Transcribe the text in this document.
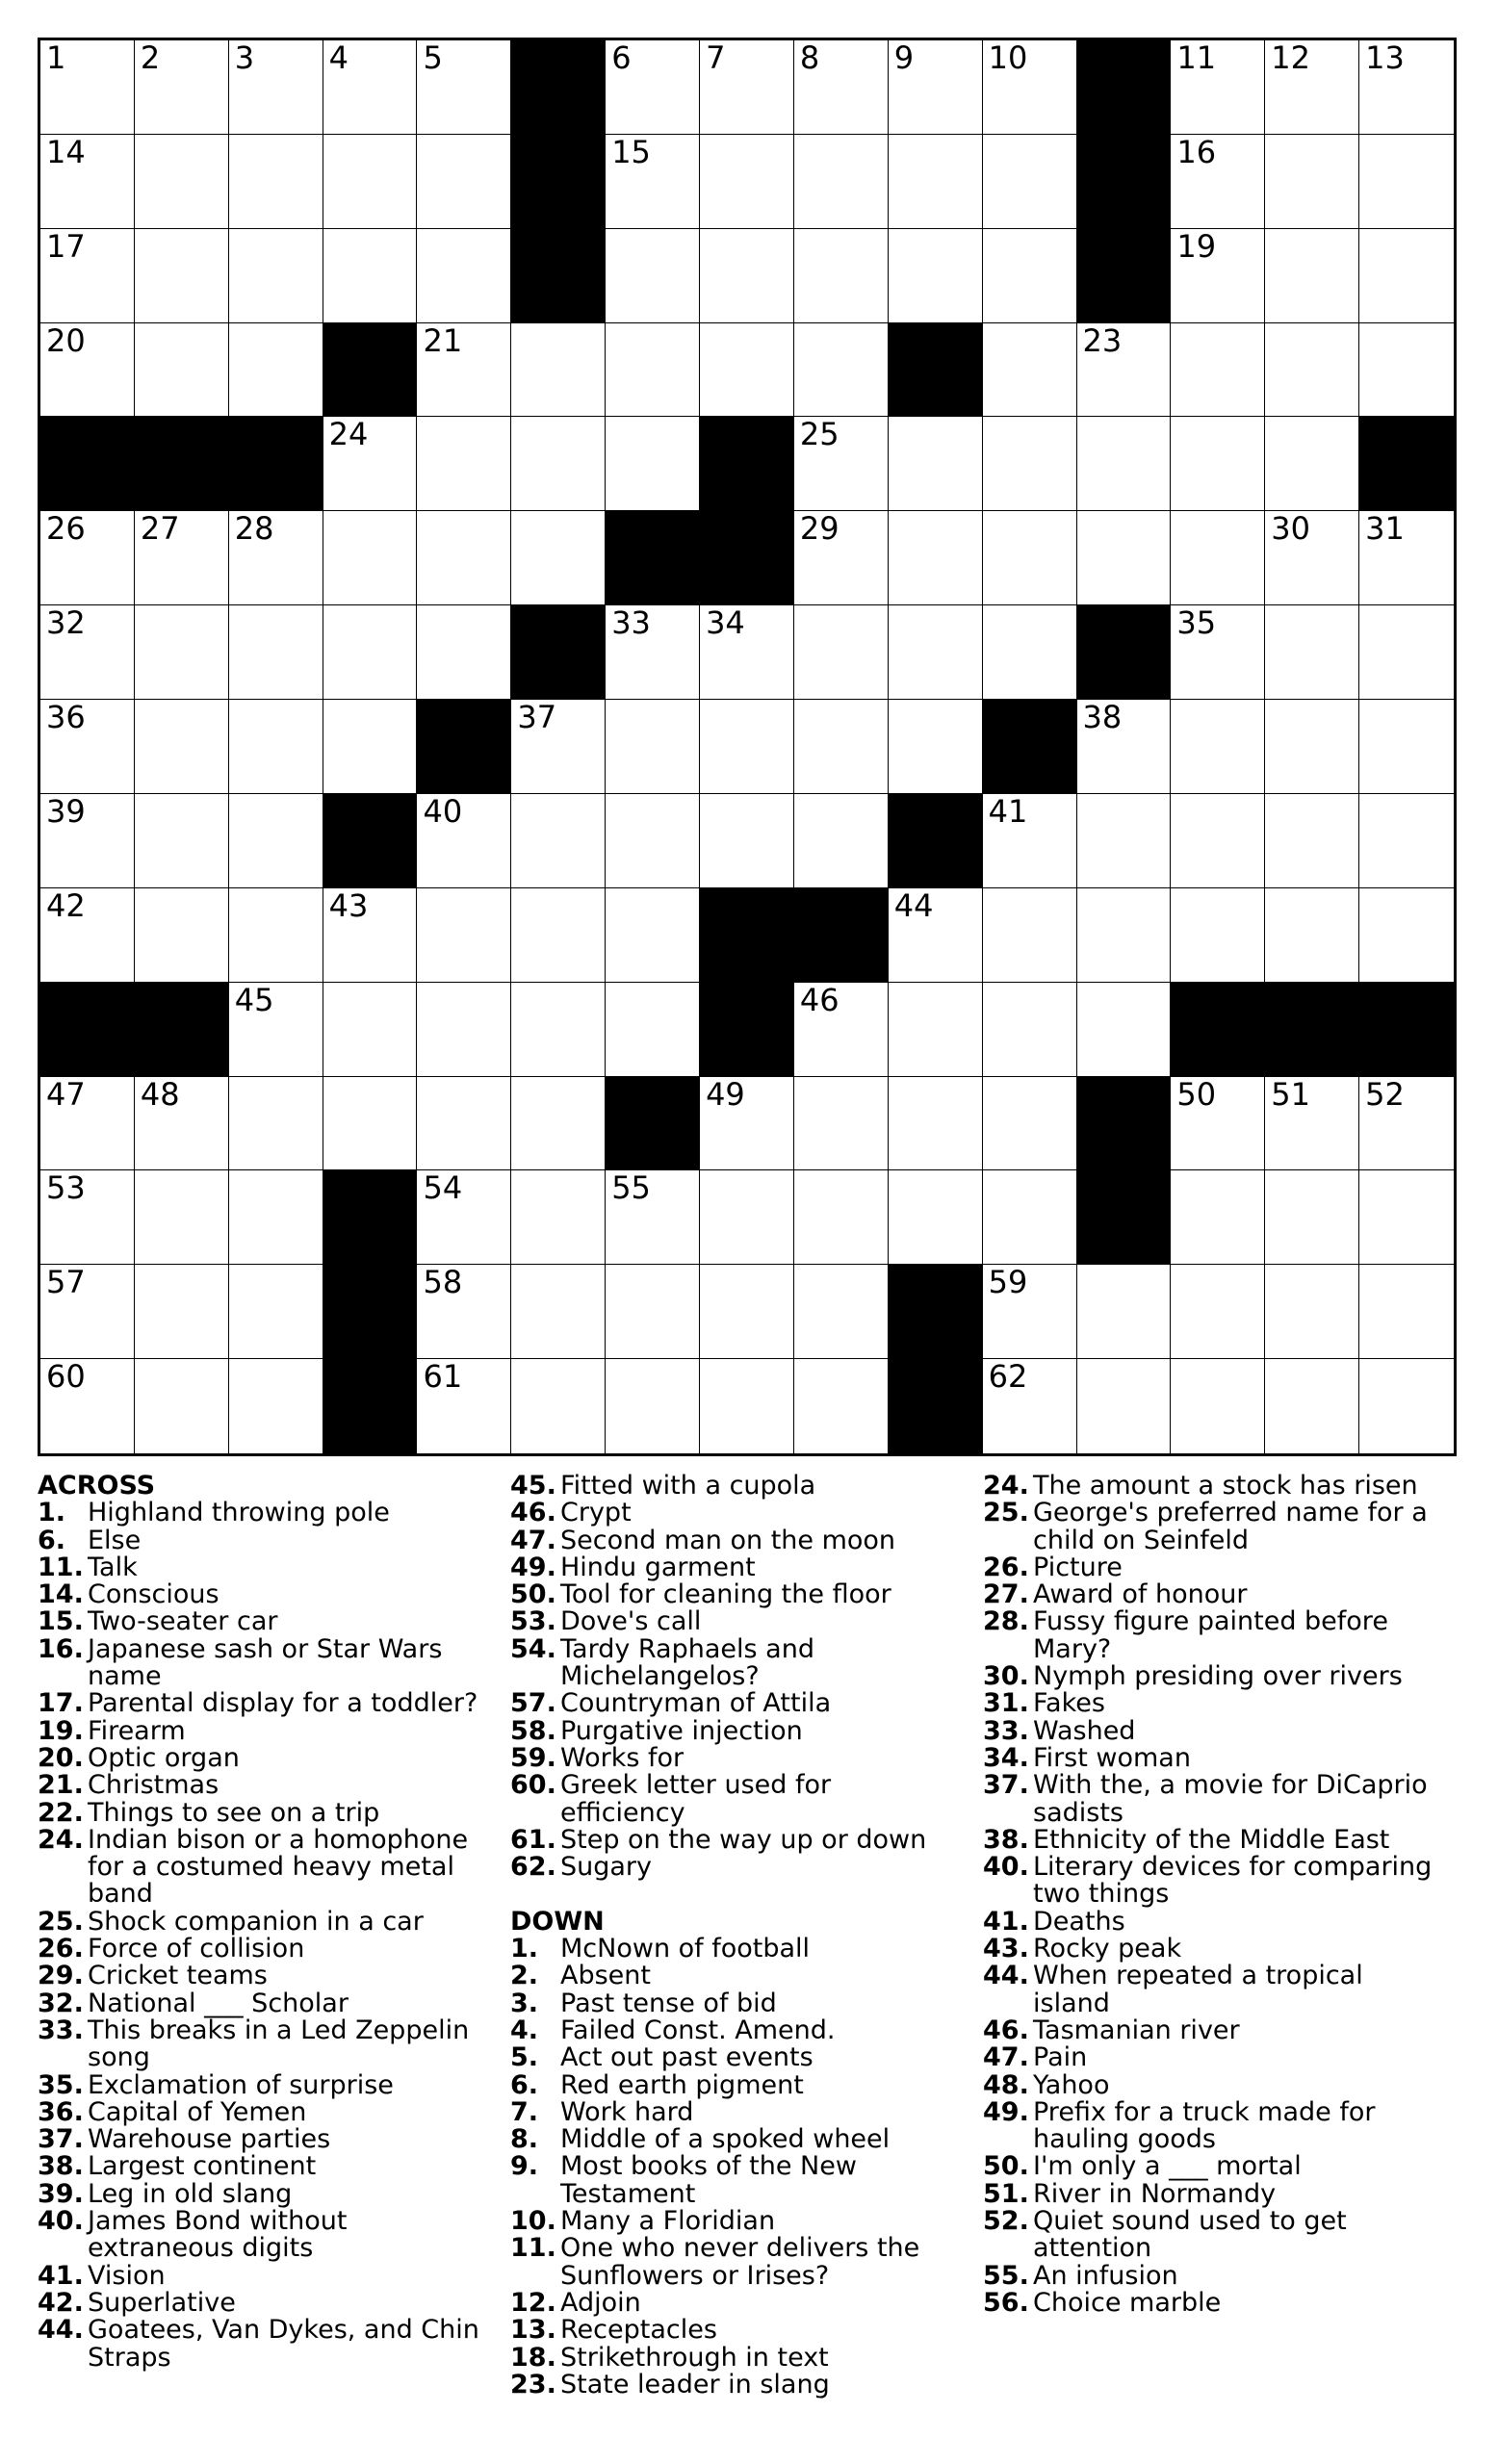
1 2 3 4 5	6 7 8 9 10	11 12 13
14	15	16
17	18	19
20	21	22	23
24	25
26 27 28	29	30 31
32	33 34	35
36	37	38
39	40	41
42	43	44
45	46
47 48	49	50 51 52
53	54	55	56
57	58	59
60	61	62
ACROSS
1. Highland throwing pole
6. Else
11. Talk
14. Conscious
15. Two-seater car
16. Japanese sash or Star Wars name
17. Parental display for a toddler?
19. Firearm
20. Optic organ
21. Christmas
22. Things to see on a trip
24. Indian bison or a homophone for a costumed heavy metal band
25. Shock companion in a car
26. Force of collision
29. Cricket teams
32. National ___ Scholar
33. This breaks in a Led Zeppelin song
35. Exclamation of surprise
36. Capital of Yemen
37. Warehouse parties
38. Largest continent
39. Leg in old slang
40. James Bond without extraneous digits
41. Vision
42. Superlative
44. Goatees, Van Dykes, and Chin Straps
45. Fitted with a cupola
46. Crypt
47. Second man on the moon
49. Hindu garment
50. Tool for cleaning the floor
53. Dove's call
54. Tardy Raphaels and Michelangelos?
57. Countryman of Attila
58. Purgative injection
59. Works for
60. Greek letter used for efficiency
61. Step on the way up or down
62. Sugary
DOWN
1. McNown of football
2. Absent
3. Past tense of bid
4. Failed Const. Amend.
5. Act out past events
6. Red earth pigment
7. Work hard
8. Middle of a spoked wheel
9. Most books of the New Testament
10. Many a Floridian
11. One who never delivers the Sunflowers or Irises?
12. Adjoin
13. Receptacles
18. Strikethrough in text
23. State leader in slang
24. The amount a stock has risen
25. George's preferred name for a child on Seinfeld
26. Picture
27. Award of honour
28. Fussy figure painted before Mary?
30. Nymph presiding over rivers
31. Fakes
33. Washed
34. First woman
37. With the, a movie for DiCaprio sadists
38. Ethnicity of the Middle East
40. Literary devices for comparing two things
41. Deaths
43. Rocky peak
44. When repeated a tropical island
46. Tasmanian river
47. Pain
48. Yahoo
49. Prefix for a truck made for hauling goods
50. I'm only a ___ mortal
51. River in Normandy
52. Quiet sound used to get attention
55. An infusion
56. Choice marble
